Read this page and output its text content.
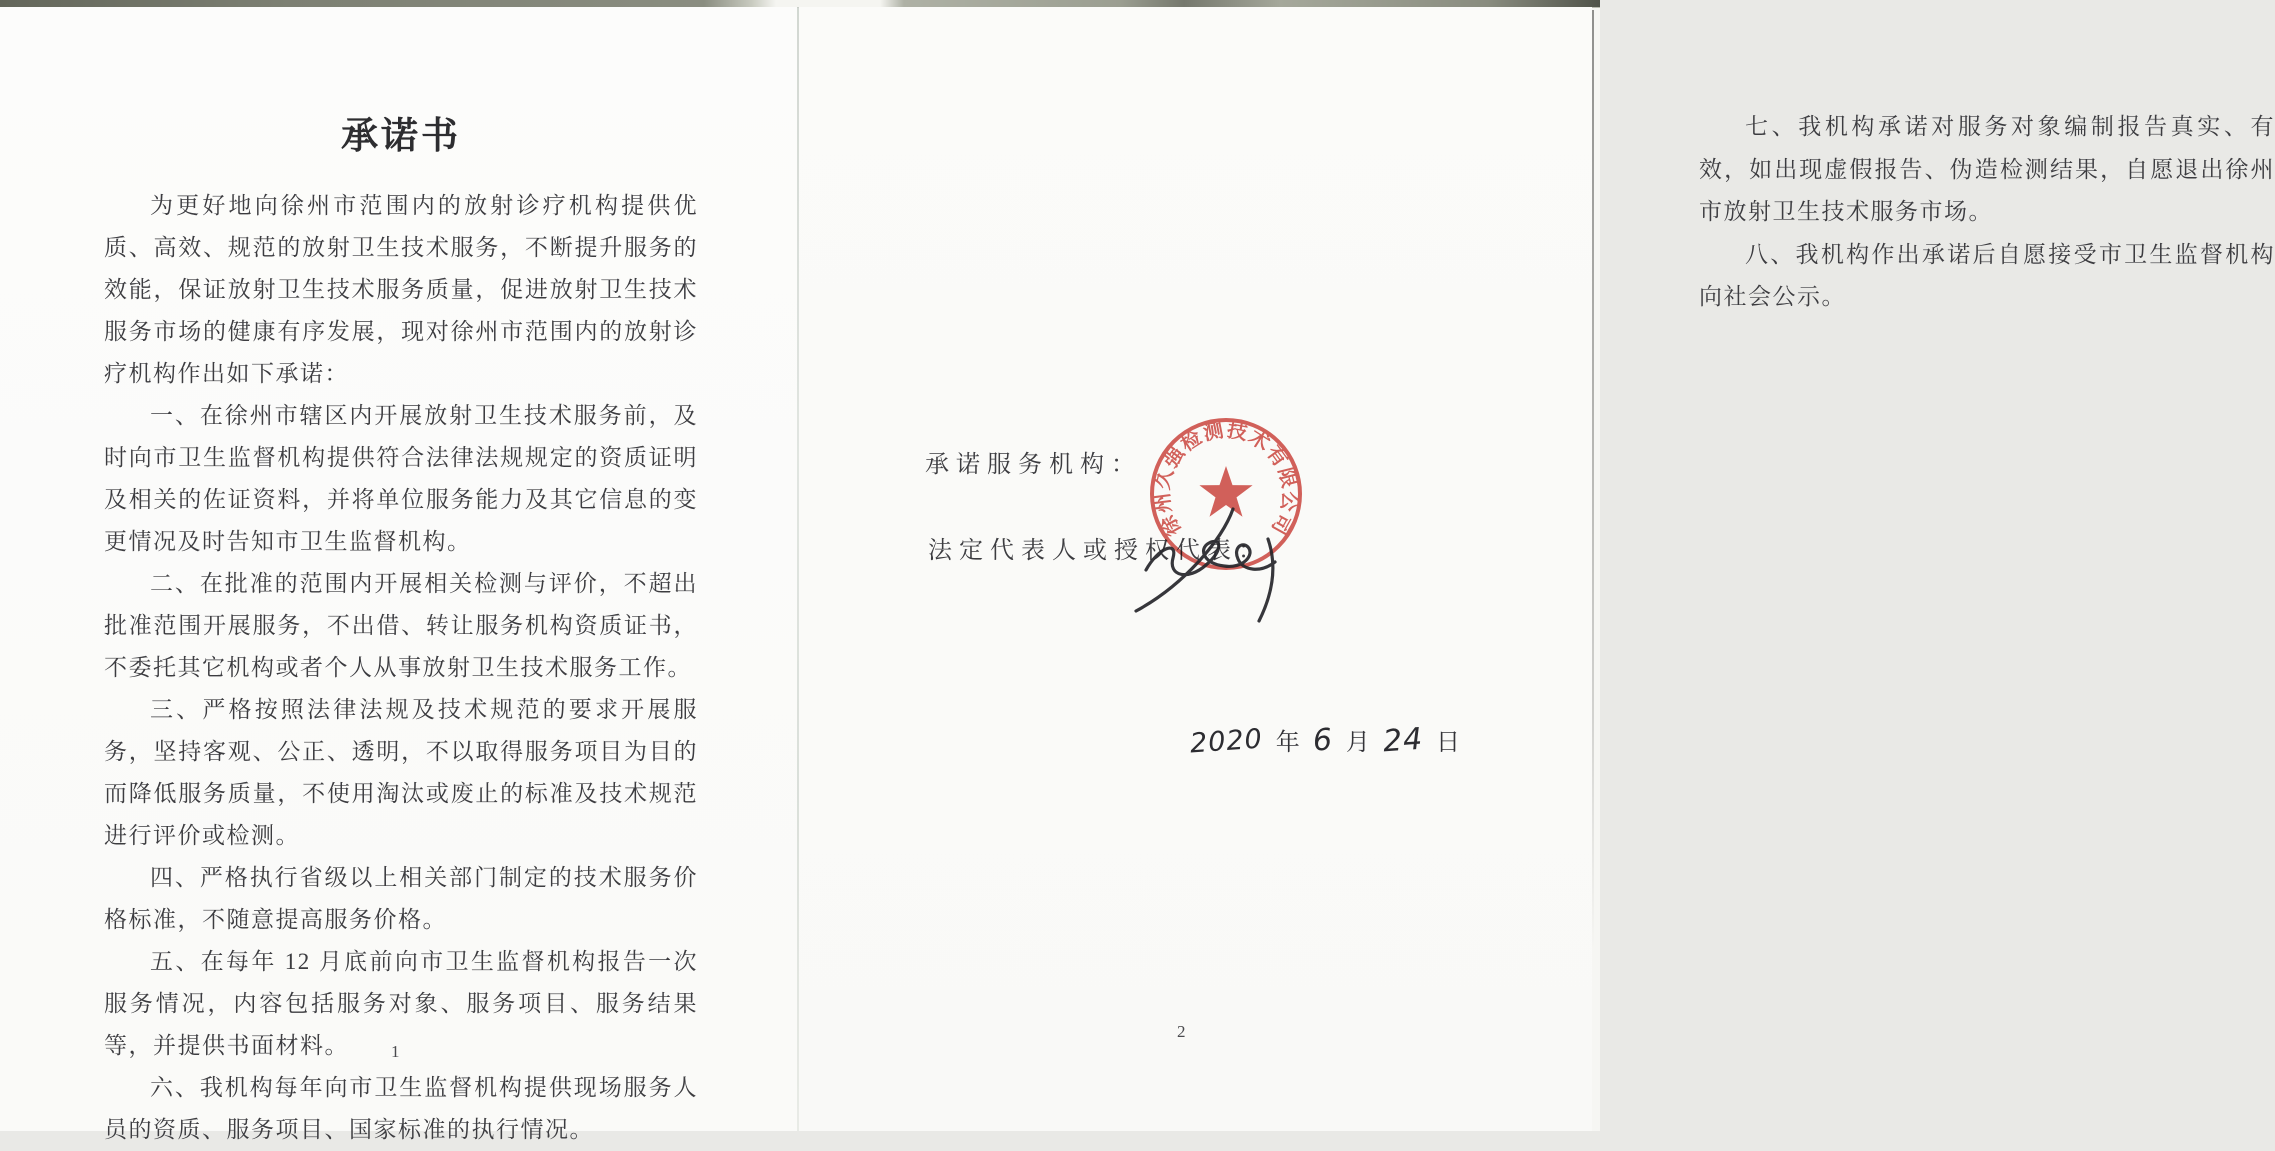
承诺书

为更好地向徐州市范围内的放射诊疗机构提供优质、高效、规范的放射卫生技术服务，不断提升服务的效能，保证放射卫生技术服务质量，促进放射卫生技术服务市场的健康有序发展，现对徐州市范围内的放射诊疗机构作出如下承诺：

一、在徐州市辖区内开展放射卫生技术服务前，及时向市卫生监督机构提供符合法律法规规定的资质证明及相关的佐证资料，并将单位服务能力及其它信息的变更情况及时告知市卫生监督机构。

二、在批准的范围内开展相关检测与评价，不超出批准范围开展服务，不出借、转让服务机构资质证书，不委托其它机构或者个人从事放射卫生技术服务工作。

三、严格按照法律法规及技术规范的要求开展服务，坚持客观、公正、透明，不以取得服务项目为目的而降低服务质量，不使用淘汰或废止的标准及技术规范进行评价或检测。

四、严格执行省级以上相关部门制定的技术服务价格标准，不随意提高服务价格。

五、在每年 12 月底前向市卫生监督机构报告一次服务情况，内容包括服务对象、服务项目、服务结果等，并提供书面材料。

六、我机构每年向市卫生监督机构提供现场服务人员的资质、服务项目、国家标准的执行情况。

1

七、我机构承诺对服务对象编制报告真实、有效，如出现虚假报告、伪造检测结果，自愿退出徐州市放射卫生技术服务市场。

八、我机构作出承诺后自愿接受市卫生监督机构向社会公示。

承诺服务机构：
法定代表人或授权代表：
徐州久强检测技术有限公司
2020 年 6 月 24 日
2
